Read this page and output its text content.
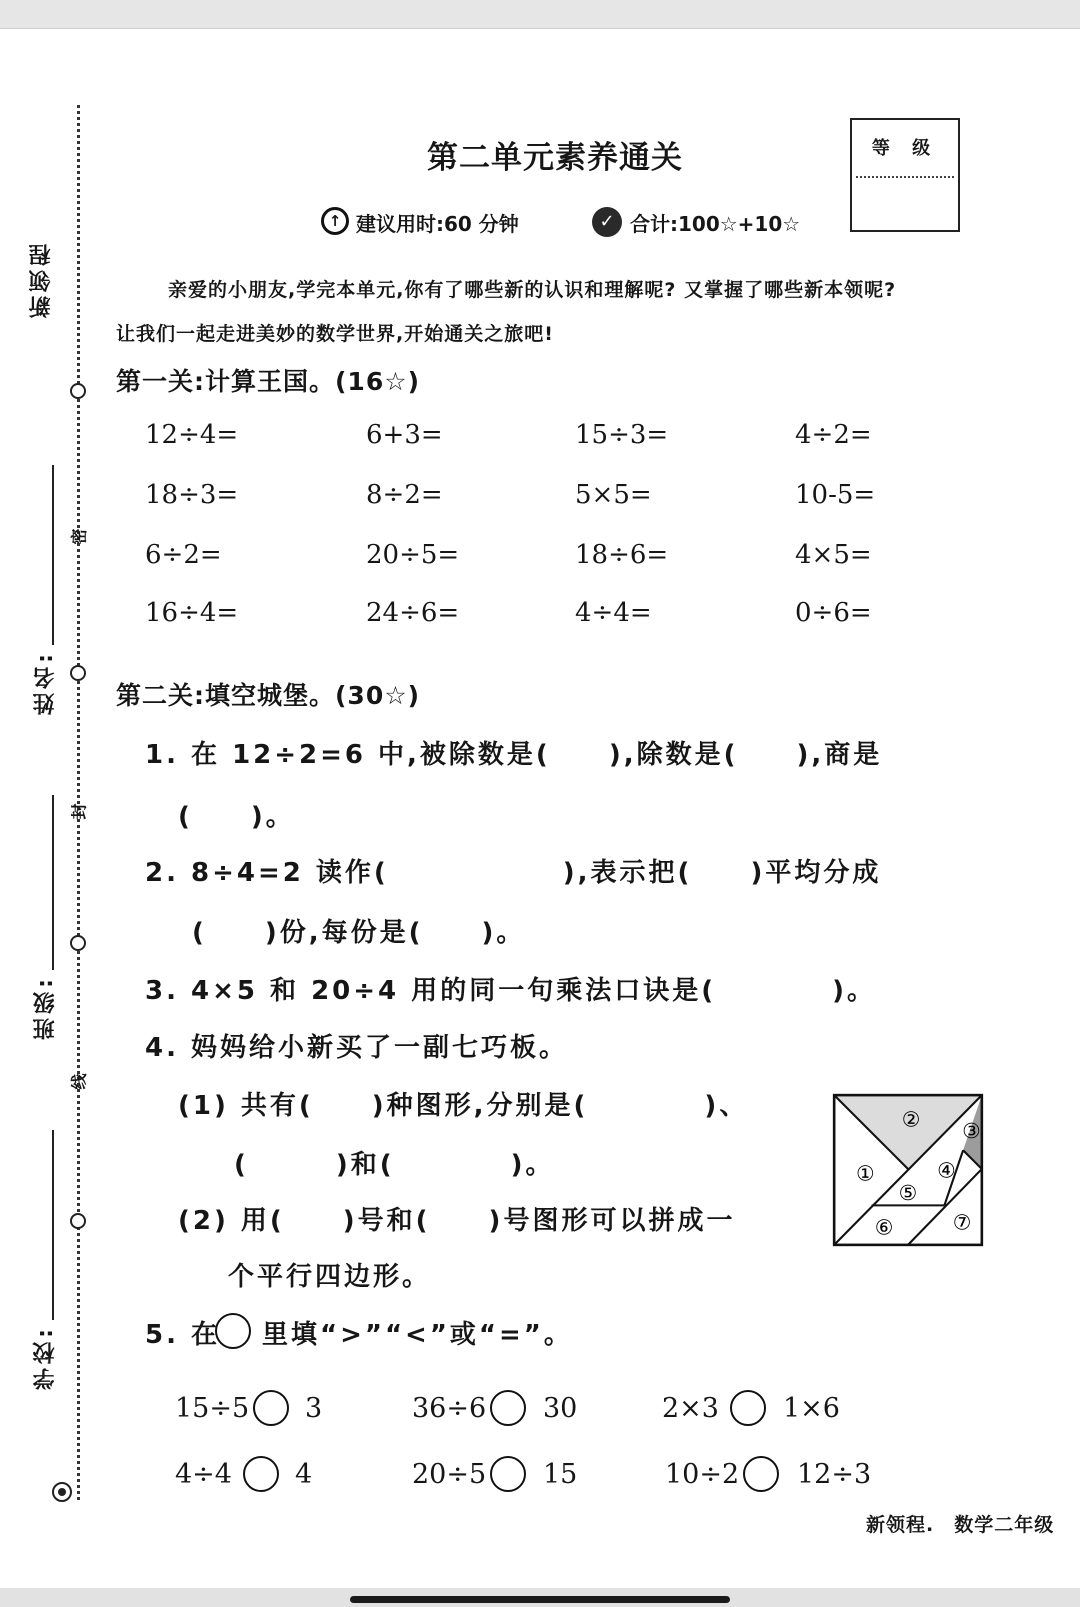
新领程
姓名:
班级:
学校:
密
封
线
第二单元素养通关	等 级
↑ 建议用时:60 分钟	✓ 合计:100☆+10☆
亲爱的小朋友,学完本单元,你有了哪些新的认识和理解呢? 又掌握了哪些新本领呢?
让我们一起走进美妙的数学世界,开始通关之旅吧!
第一关:计算王国。(16☆)
12÷4=	6+3=	15÷3=	4÷2=
18÷3=	8÷2=	5×5=	10-5=
6÷2=	20÷5=	18÷6=	4×5=
16÷4=	24÷6=	4÷4=	0÷6=
第二关:填空城堡。(30☆)
1. 在 12÷2=6 中,被除数是(　　),除数是(　　),商是
(　　)。
2. 8÷4=2 读作(　　　　　　),表示把(　　)平均分成
(　　)份,每份是(　　)。
3. 4×5 和 20÷4 用的同一句乘法口诀是(　　　　)。
4. 妈妈给小新买了一副七巧板。
(1) 共有(　　)种图形,分别是(　　　　)、
(　　　)和(　　　　)。
(2) 用(　　)号和(　　)号图形可以拼成一
个平行四边形。
①
② ③
④
⑤
⑥	⑦
5. 在 里填“>”“<”或“=”。
15÷5 3	36÷6 30	2×3 1×6
4÷4 4	20÷5 15	10÷2 12÷3
新领程.　数学二年级
